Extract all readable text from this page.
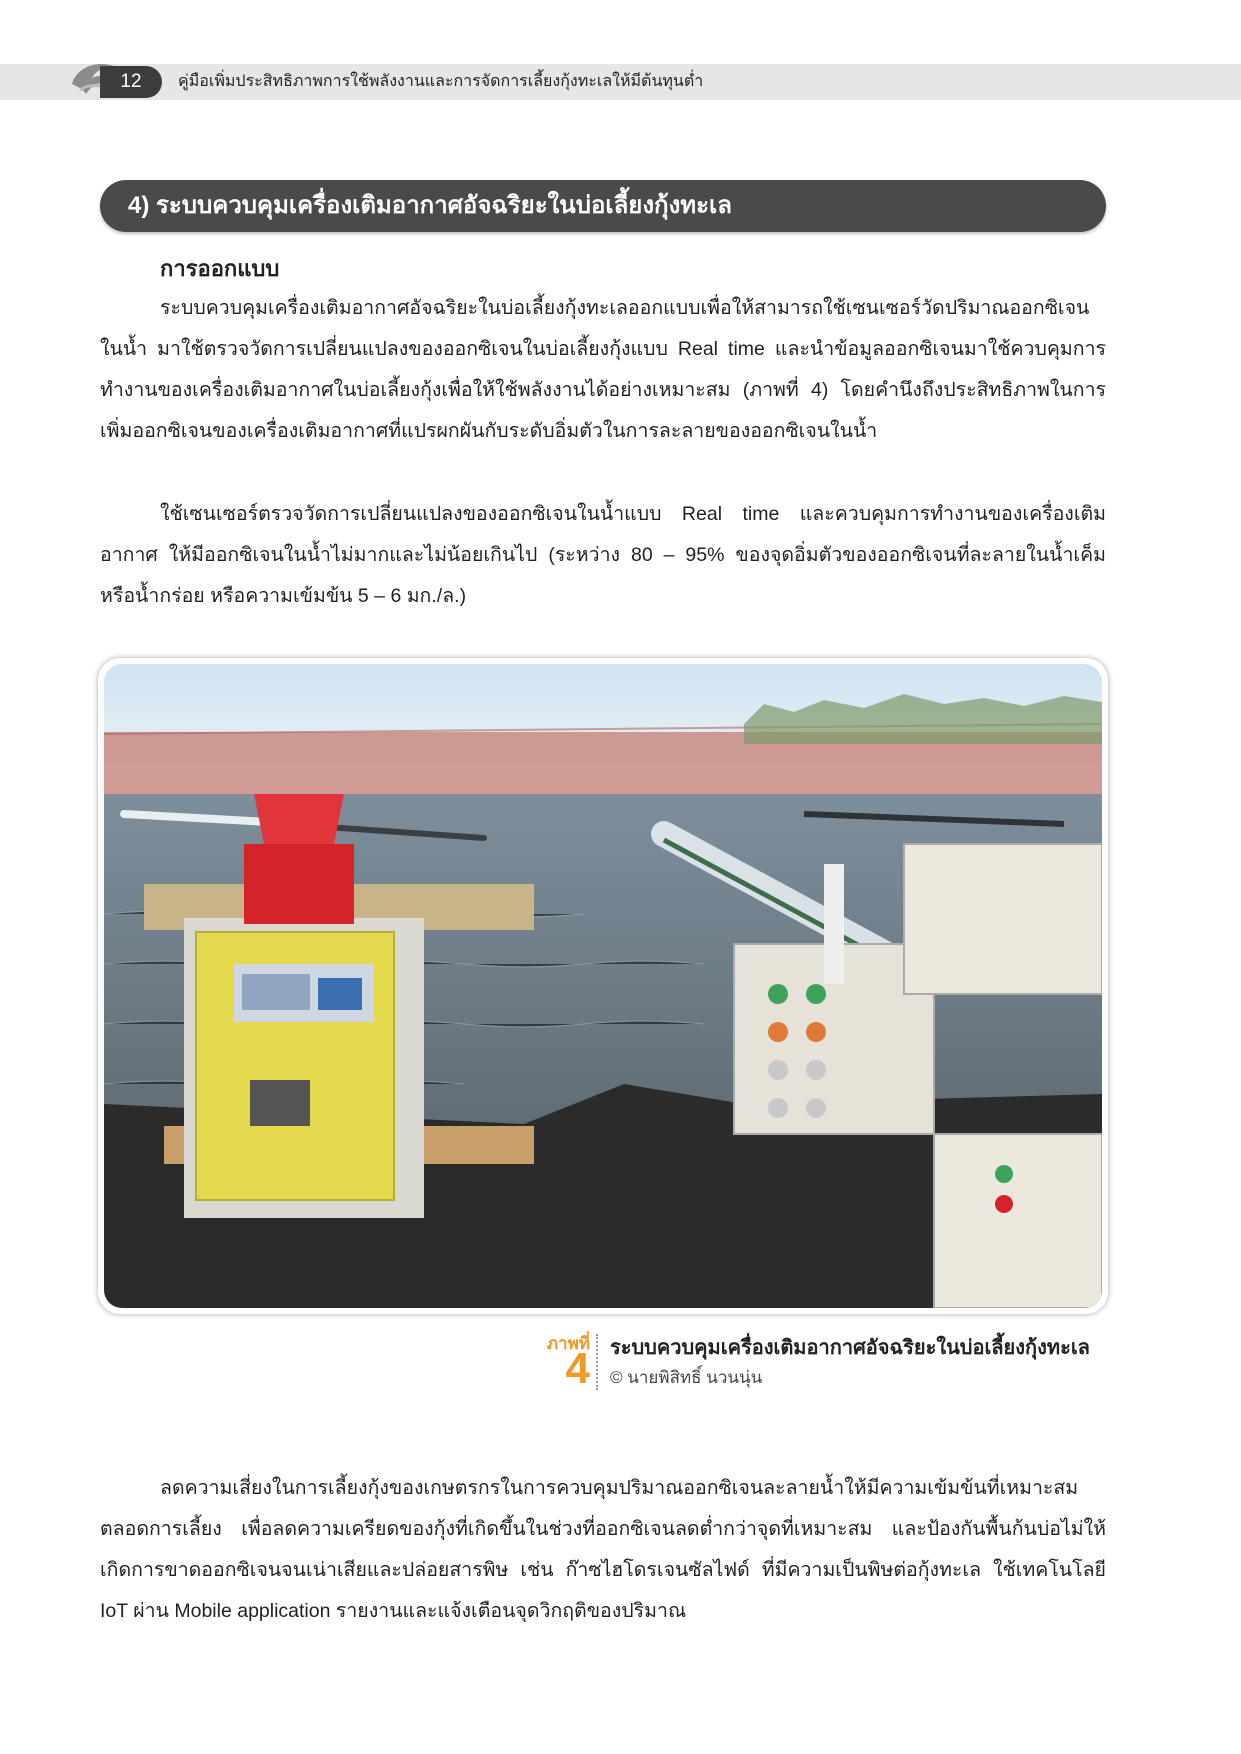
12	คู่มือเพิ่มประสิทธิภาพการใช้พลังงานและการจัดการเลี้ยงกุ้งทะเลให้มีต้นทุนต่ำ
4) ระบบควบคุมเครื่องเติมอากาศอัจฉริยะในบ่อเลี้ยงกุ้งทะเล
การออกแบบ
ระบบควบคุมเครื่องเติมอากาศอัจฉริยะในบ่อเลี้ยงกุ้งทะเลออกแบบเพื่อให้สามารถใช้เซนเซอร์วัดปริมาณออกซิเจนในน้ำ มาใช้ตรวจวัดการเปลี่ยนแปลงของออกซิเจนในบ่อเลี้ยงกุ้งแบบ Real time และนำข้อมูลออกซิเจนมาใช้ควบคุมการทำงานของเครื่องเติมอากาศในบ่อเลี้ยงกุ้งเพื่อให้ใช้พลังงานได้อย่างเหมาะสม (ภาพที่ 4) โดยคำนึงถึงประสิทธิภาพในการเพิ่มออกซิเจนของเครื่องเติมอากาศที่แปรผกผันกับระดับอิ่มตัวในการละลายของออกซิเจนในน้ำ
ใช้เซนเซอร์ตรวจวัดการเปลี่ยนแปลงของออกซิเจนในน้ำแบบ Real time และควบคุมการทำงานของเครื่องเติมอากาศ ให้มีออกซิเจนในน้ำไม่มากและไม่น้อยเกินไป (ระหว่าง 80 – 95% ของจุดอิ่มตัวของออกซิเจนที่ละลายในน้ำเค็ม หรือน้ำกร่อย หรือความเข้มข้น 5 – 6 มก./ล.)
ภาพที่
4 ระบบควบคุมเครื่องเติมอากาศอัจฉริยะในบ่อเลี้ยงกุ้งทะเล
© นายพิสิทธิ์ นวนนุ่น
ลดความเสี่ยงในการเลี้ยงกุ้งของเกษตรกรในการควบคุมปริมาณออกซิเจนละลายน้ำให้มีความเข้มข้นที่เหมาะสมตลอดการเลี้ยง เพื่อลดความเครียดของกุ้งที่เกิดขึ้นในช่วงที่ออกซิเจนลดต่ำกว่าจุดที่เหมาะสม และป้องกันพื้นก้นบ่อไม่ให้เกิดการขาดออกซิเจนจนเน่าเสียและปล่อยสารพิษ เช่น ก๊าซไฮโดรเจนซัลไฟด์ ที่มีความเป็นพิษต่อกุ้งทะเล ใช้เทคโนโลยี IoT ผ่าน Mobile application รายงานและแจ้งเตือนจุดวิกฤติของปริมาณ
